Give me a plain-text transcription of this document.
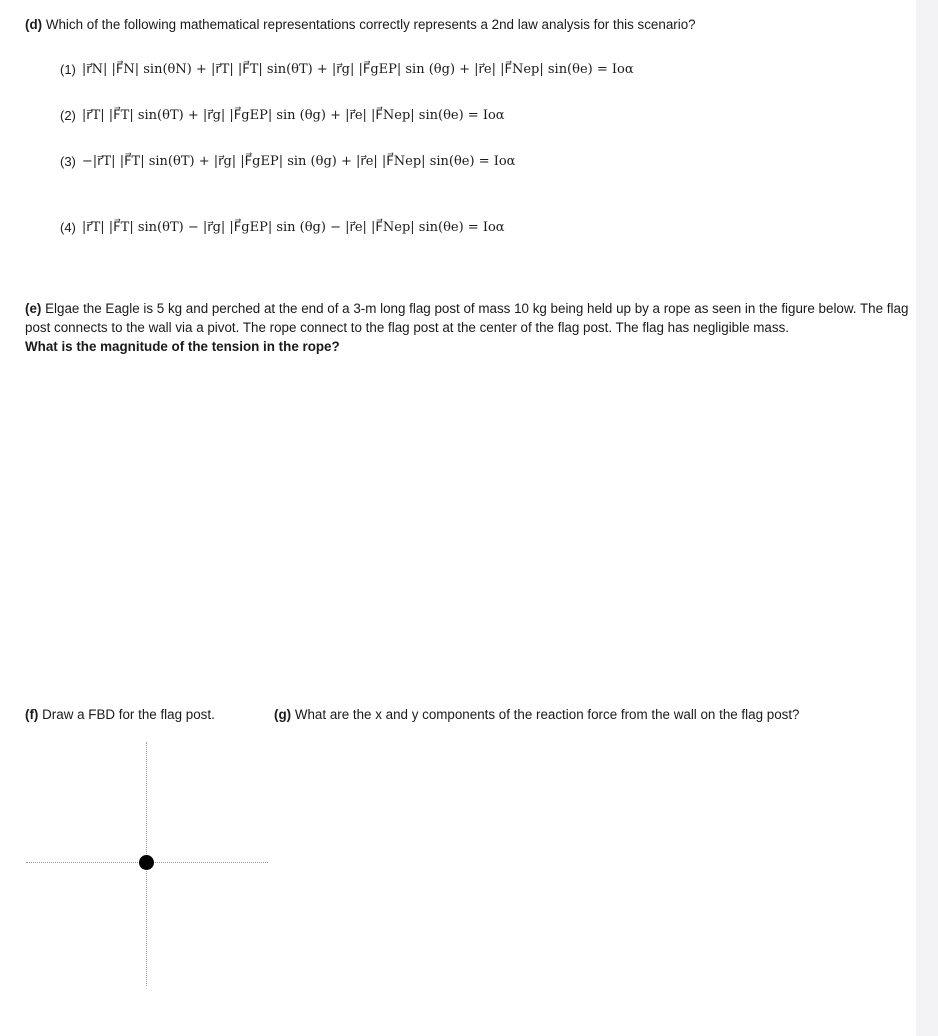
(d) Which of the following mathematical representations correctly represents a 2nd law analysis for this scenario?
(1) |r⃗N| |F⃗N| sin(θN) + |r⃗T| |F⃗T| sin(θT) + |r⃗g| |F⃗gEP| sin (θg) + |r⃗e| |F⃗Nep| sin(θe) = Ioα
(2) |r⃗T| |F⃗T| sin(θT) + |r⃗g| |F⃗gEP| sin (θg) + |r⃗e| |F⃗Nep| sin(θe) = Ioα
(3) −|r⃗T| |F⃗T| sin(θT) + |r⃗g| |F⃗gEP| sin (θg) + |r⃗e| |F⃗Nep| sin(θe) = Ioα
(4) |r⃗T| |F⃗T| sin(θT) − |r⃗g| |F⃗gEP| sin (θg) − |r⃗e| |F⃗Nep| sin(θe) = Ioα
(e) Elgae the Eagle is 5 kg and perched at the end of a 3-m long flag post of mass 10 kg being held up by a rope as seen in the figure below. The flag post connects to the wall via a pivot. The rope connect to the flag post at the center of the flag post. The flag has negligible mass.
What is the magnitude of the tension in the rope?
(f) Draw a FBD for the flag post.	(g) What are the x and y components of the reaction force from the wall on the flag post?
